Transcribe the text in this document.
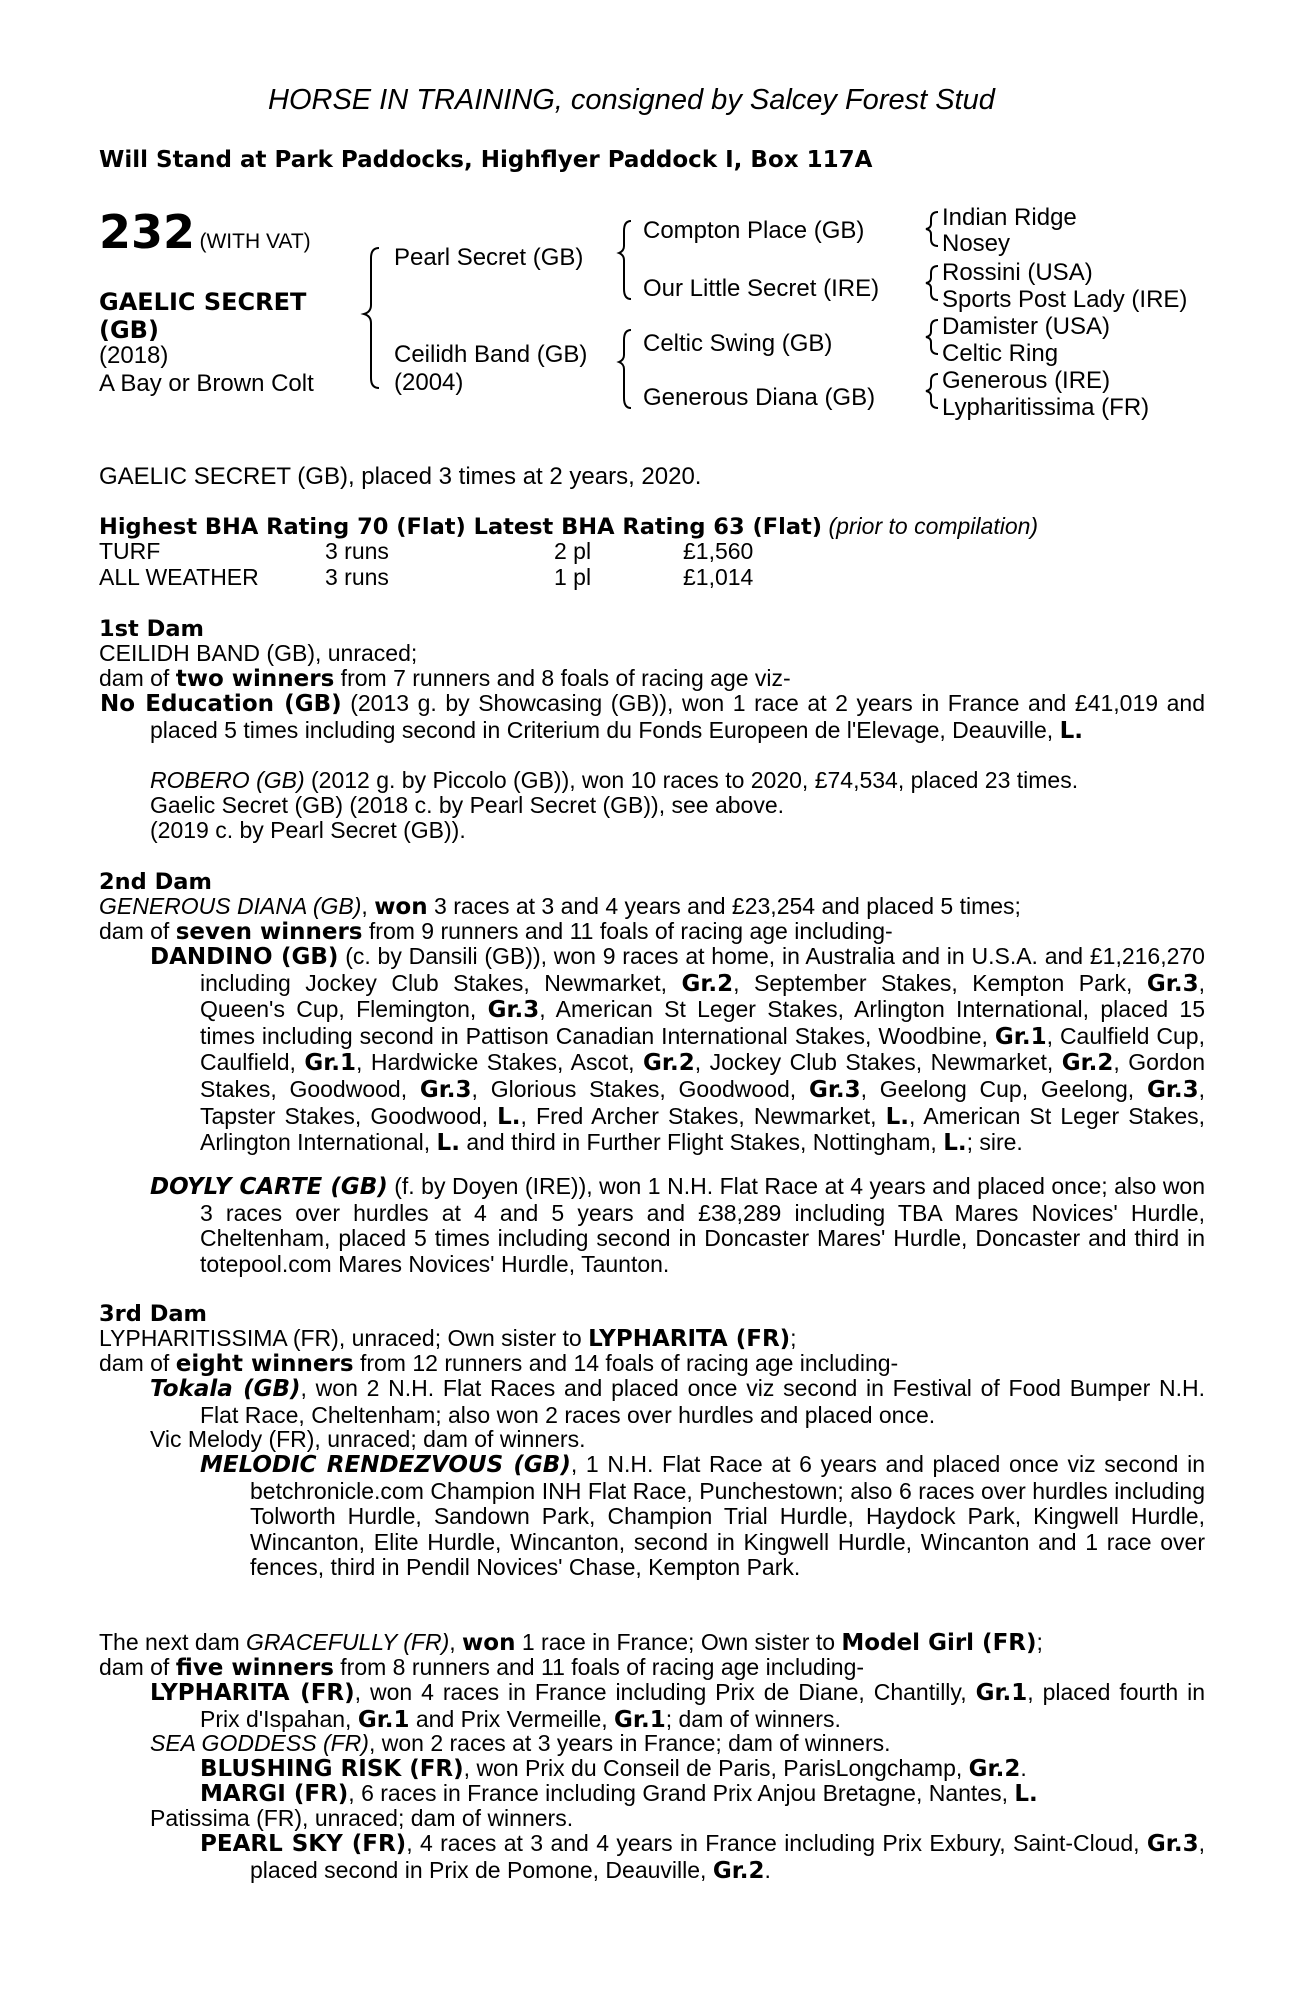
HORSE IN TRAINING, consigned by Salcey Forest Stud
Will Stand at Park Paddocks, Highflyer Paddock I, Box 117A
232 (WITH VAT)
GAELIC SECRET
(GB)
(2018)
A Bay or Brown Colt
Pearl Secret (GB)
Ceilidh Band (GB)
(2004)
Compton Place (GB)
Our Little Secret (IRE)
Celtic Swing (GB)
Generous Diana (GB)
Indian Ridge
Nosey
Rossini (USA)
Sports Post Lady (IRE)
Damister (USA)
Celtic Ring
Generous (IRE)
Lypharitissima (FR)
GAELIC SECRET (GB), placed 3 times at 2 years, 2020.
Highest BHA Rating 70 (Flat) Latest BHA Rating 63 (Flat) (prior to compilation)
TURF	3 runs	2 pl	£1,560
ALL WEATHER	3 runs	1 pl	£1,014
1st Dam
CEILIDH BAND (GB), unraced;
dam of two winners from 7 runners and 8 foals of racing age viz-
No Education (GB) (2013 g. by Showcasing (GB)), won 1 race at 2 years in France and £41,019 and placed 5 times including second in Criterium du Fonds Europeen de l'Elevage, Deauville, L.
ROBERO (GB) (2012 g. by Piccolo (GB)), won 10 races to 2020, £74,534, placed 23 times.
Gaelic Secret (GB) (2018 c. by Pearl Secret (GB)), see above.
(2019 c. by Pearl Secret (GB)).
2nd Dam
GENEROUS DIANA (GB), won 3 races at 3 and 4 years and £23,254 and placed 5 times;
dam of seven winners from 9 runners and 11 foals of racing age including-
DANDINO (GB) (c. by Dansili (GB)), won 9 races at home, in Australia and in U.S.A. and £1,216,270 including Jockey Club Stakes, Newmarket, Gr.2, September Stakes, Kempton Park, Gr.3, Queen's Cup, Flemington, Gr.3, American St Leger Stakes, Arlington International, placed 15 times including second in Pattison Canadian International Stakes, Woodbine, Gr.1, Caulfield Cup, Caulfield, Gr.1, Hardwicke Stakes, Ascot, Gr.2, Jockey Club Stakes, Newmarket, Gr.2, Gordon Stakes, Goodwood, Gr.3, Glorious Stakes, Goodwood, Gr.3, Geelong Cup, Geelong, Gr.3, Tapster Stakes, Goodwood, L., Fred Archer Stakes, Newmarket, L., American St Leger Stakes, Arlington International, L. and third in Further Flight Stakes, Nottingham, L.; sire.
DOYLY CARTE (GB) (f. by Doyen (IRE)), won 1 N.H. Flat Race at 4 years and placed once; also won 3 races over hurdles at 4 and 5 years and £38,289 including TBA Mares Novices' Hurdle, Cheltenham, placed 5 times including second in Doncaster Mares' Hurdle, Doncaster and third in totepool.com Mares Novices' Hurdle, Taunton.
3rd Dam
LYPHARITISSIMA (FR), unraced; Own sister to LYPHARITA (FR);
dam of eight winners from 12 runners and 14 foals of racing age including-
Tokala (GB), won 2 N.H. Flat Races and placed once viz second in Festival of Food Bumper N.H. Flat Race, Cheltenham; also won 2 races over hurdles and placed once.
Vic Melody (FR), unraced; dam of winners.
MELODIC RENDEZVOUS (GB), 1 N.H. Flat Race at 6 years and placed once viz second in betchronicle.com Champion INH Flat Race, Punchestown; also 6 races over hurdles including Tolworth Hurdle, Sandown Park, Champion Trial Hurdle, Haydock Park, Kingwell Hurdle, Wincanton, Elite Hurdle, Wincanton, second in Kingwell Hurdle, Wincanton and 1 race over fences, third in Pendil Novices' Chase, Kempton Park.
The next dam GRACEFULLY (FR), won 1 race in France; Own sister to Model Girl (FR);
dam of five winners from 8 runners and 11 foals of racing age including-
LYPHARITA (FR), won 4 races in France including Prix de Diane, Chantilly, Gr.1, placed fourth in Prix d'Ispahan, Gr.1 and Prix Vermeille, Gr.1; dam of winners.
SEA GODDESS (FR), won 2 races at 3 years in France; dam of winners.
BLUSHING RISK (FR), won Prix du Conseil de Paris, ParisLongchamp, Gr.2.
MARGI (FR), 6 races in France including Grand Prix Anjou Bretagne, Nantes, L.
Patissima (FR), unraced; dam of winners.
PEARL SKY (FR), 4 races at 3 and 4 years in France including Prix Exbury, Saint-Cloud, Gr.3, placed second in Prix de Pomone, Deauville, Gr.2.
